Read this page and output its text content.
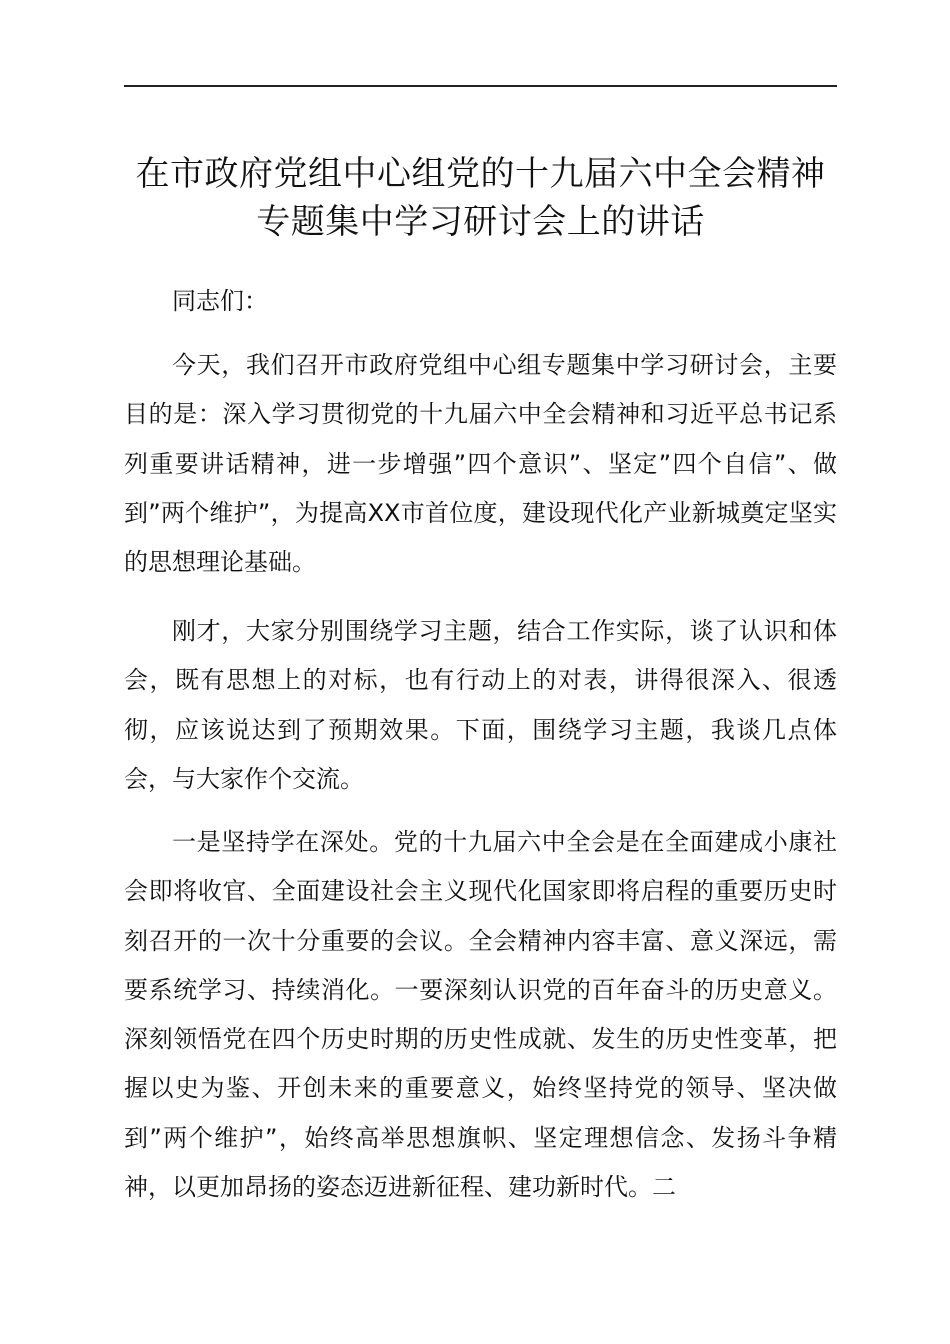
在市政府党组中心组党的十九届六中全会精神
专题集中学习研讨会上的讲话

同志们：

今天，我们召开市政府党组中心组专题集中学习研讨会，主要目的是：深入学习贯彻党的十九届六中全会精神和习近平总书记系列重要讲话精神，进一步增强”四个意识”、坚定”四个自信”、做到”两个维护”，为提高XX市首位度，建设现代化产业新城奠定坚实的思想理论基础。

刚才，大家分别围绕学习主题，结合工作实际，谈了认识和体会，既有思想上的对标，也有行动上的对表，讲得很深入、很透彻，应该说达到了预期效果。下面，围绕学习主题，我谈几点体会，与大家作个交流。

一是坚持学在深处。党的十九届六中全会是在全面建成小康社会即将收官、全面建设社会主义现代化国家即将启程的重要历史时刻召开的一次十分重要的会议。全会精神内容丰富、意义深远，需要系统学习、持续消化。一要深刻认识党的百年奋斗的历史意义。深刻领悟党在四个历史时期的历史性成就、发生的历史性变革，把握以史为鉴、开创未来的重要意义，始终坚持党的领导、坚决做到”两个维护”，始终高举思想旗帜、坚定理想信念、发扬斗争精神，以更加昂扬的姿态迈进新征程、建功新时代。二
